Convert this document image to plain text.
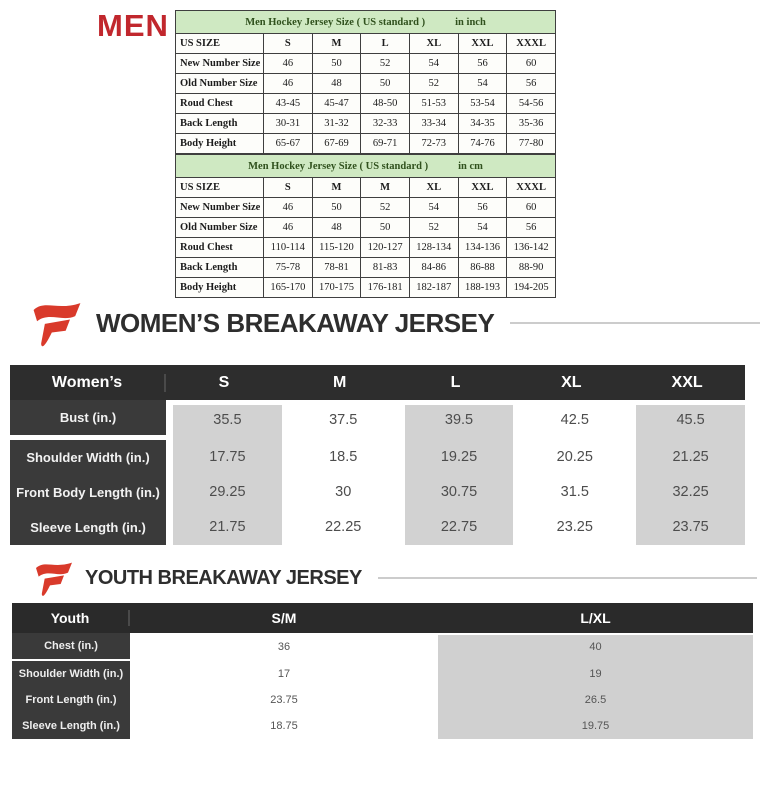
MEN	Men Hockey Jersey Size ( US standard ) in inch						

US SIZE	S	M	L	XL	XXL	XXXL
New Number Size	46	50	52	54	56	60
Old Number Size	46	48	50	52	54	56
Roud Chest	43-45	45-47	48-50	51-53	53-54	54-56
Back Length	30-31	31-32	32-33	33-34	34-35	35-36
Body Height	65-67	67-69	69-71	72-73	74-76	77-80
Men Hockey Jersey Size ( US standard ) in cm						

US SIZE	S	M	M	XL	XXL	XXXL
New Number Size	46	50	52	54	56	60
Old Number Size	46	48	50	52	54	56
Roud Chest	110-114	115-120	120-127	128-134	134-136	136-142
Back Length	75-78	78-81	81-83	84-86	86-88	88-90
Body Height	165-170	170-175	176-181	182-187	188-193	194-205
WOMEN’S BREAKAWAY JERSEY
Women’s	S	M	L	XL	XXL
Bust (in.)	35.5	37.5	39.5	42.5	45.5
Shoulder Width (in.)	17.75	18.5	19.25	20.25	21.25
Front Body Length (in.)	29.25	30	30.75	31.5	32.25
Sleeve Length (in.)	21.75	22.25	22.75	23.25	23.75
YOUTH BREAKAWAY JERSEY
Youth	S/M	L/XL
Chest (in.)	36	40
Shoulder Width (in.)	17	19
Front Length (in.)	23.75	26.5
Sleeve Length (in.)	18.75	19.75
